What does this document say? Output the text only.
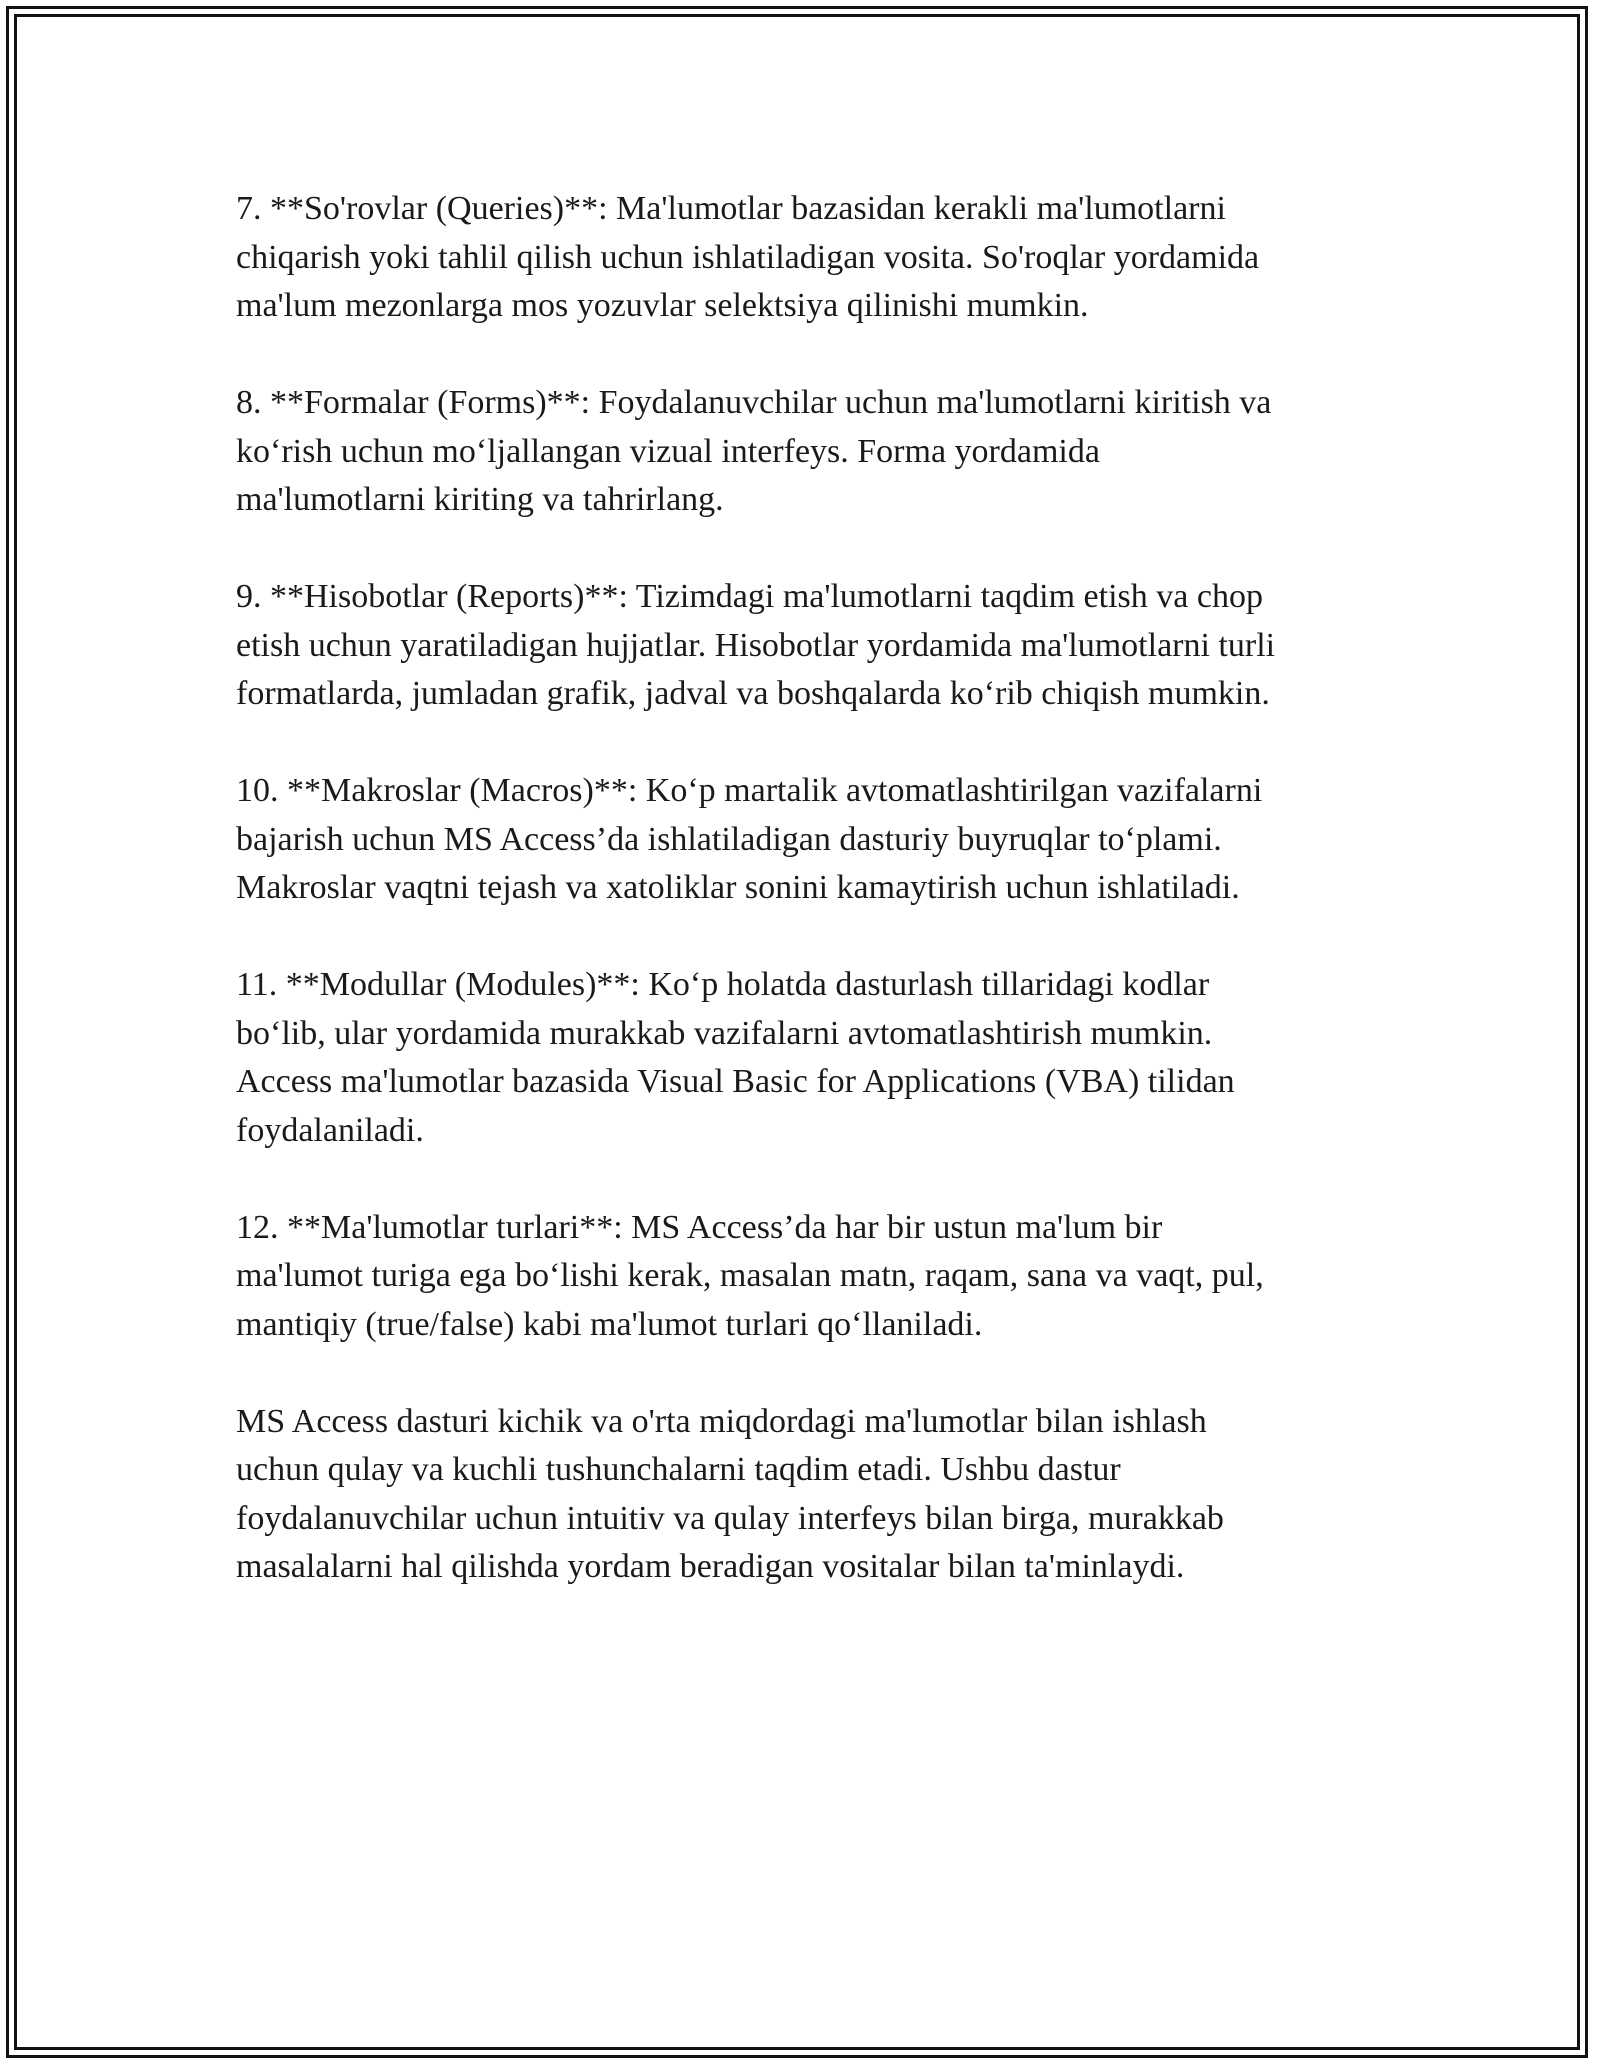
7. **So'rovlar (Queries)**: Ma'lumotlar bazasidan kerakli ma'lumotlarni
chiqarish yoki tahlil qilish uchun ishlatiladigan vosita. So'roqlar yordamida
ma'lum mezonlarga mos yozuvlar selektsiya qilinishi mumkin.

8. **Formalar (Forms)**: Foydalanuvchilar uchun ma'lumotlarni kiritish va
ko‘rish uchun mo‘ljallangan vizual interfeys. Forma yordamida
ma'lumotlarni kiriting va tahrirlang.

9. **Hisobotlar (Reports)**: Tizimdagi ma'lumotlarni taqdim etish va chop
etish uchun yaratiladigan hujjatlar. Hisobotlar yordamida ma'lumotlarni turli
formatlarda, jumladan grafik, jadval va boshqalarda ko‘rib chiqish mumkin.

10. **Makroslar (Macros)**: Ko‘p martalik avtomatlashtirilgan vazifalarni
bajarish uchun MS Access’da ishlatiladigan dasturiy buyruqlar to‘plami.
Makroslar vaqtni tejash va xatoliklar sonini kamaytirish uchun ishlatiladi.

11. **Modullar (Modules)**: Ko‘p holatda dasturlash tillaridagi kodlar
bo‘lib, ular yordamida murakkab vazifalarni avtomatlashtirish mumkin.
Access ma'lumotlar bazasida Visual Basic for Applications (VBA) tilidan
foydalaniladi.

12. **Ma'lumotlar turlari**: MS Access’da har bir ustun ma'lum bir
ma'lumot turiga ega bo‘lishi kerak, masalan matn, raqam, sana va vaqt, pul,
mantiqiy (true/false) kabi ma'lumot turlari qo‘llaniladi.

MS Access dasturi kichik va o'rta miqdordagi ma'lumotlar bilan ishlash
uchun qulay va kuchli tushunchalarni taqdim etadi. Ushbu dastur
foydalanuvchilar uchun intuitiv va qulay interfeys bilan birga, murakkab
masalalarni hal qilishda yordam beradigan vositalar bilan ta'minlaydi.
